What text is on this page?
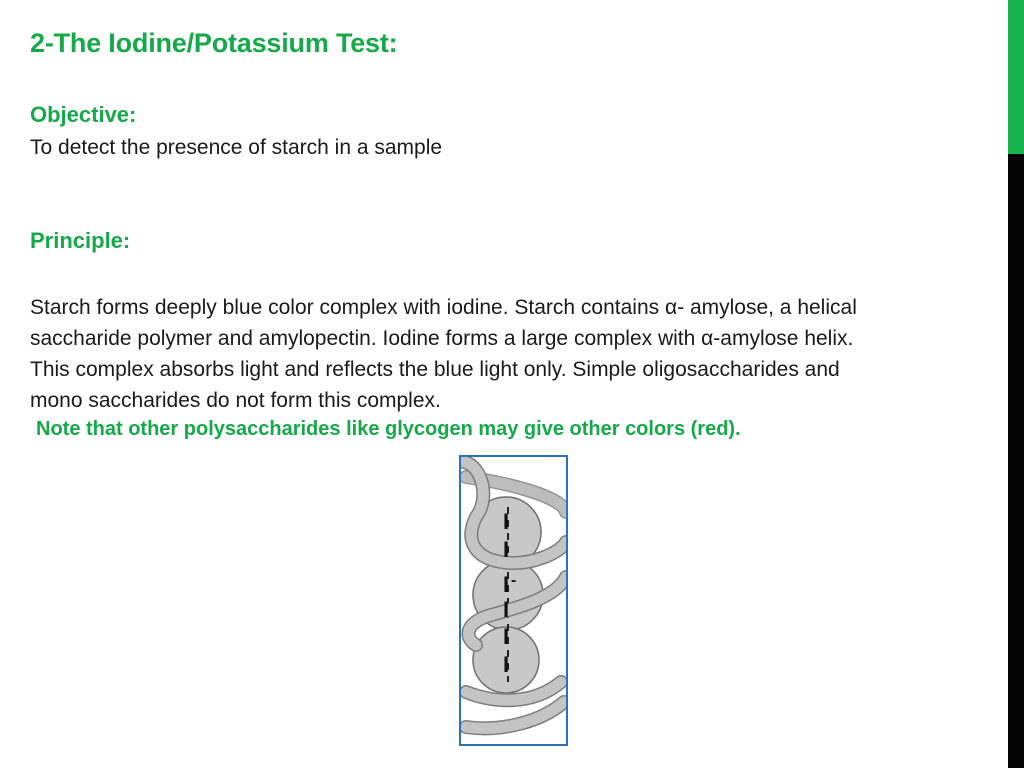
2-The Iodine/Potassium Test:
Objective:
To detect the presence of starch in a sample
Principle:
Starch forms deeply blue color complex with iodine. Starch contains α- amylose, a helical
saccharide polymer and amylopectin. Iodine forms a large complex with α-amylose helix.
This complex absorbs light and reflects the blue light only. Simple oligosaccharides and
mono saccharides do not form this complex.
Note that other polysaccharides like glycogen may give other colors (red).
I
I
I -
I
I
I
